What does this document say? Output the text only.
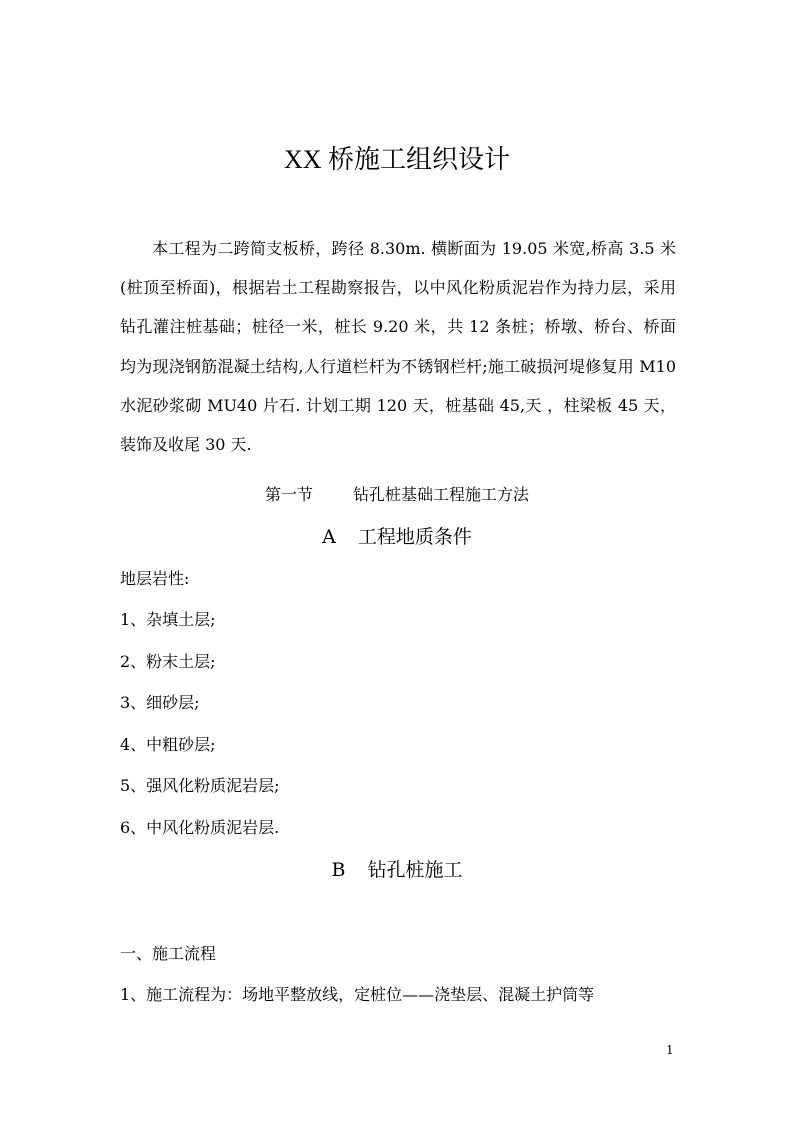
XX 桥施工组织设计

本工程为二跨简支板桥，跨径 8.30m. 横断面为 19.05 米宽,桥高 3.5 米(桩顶至桥面)，根据岩土工程勘察报告，以中风化粉质泥岩作为持力层，采用钻孔灌注桩基础；桩径一米，桩长 9.20 米，共 12 条桩；桥墩、桥台、桥面均为现浇钢筋混凝土结构,人行道栏杆为不锈钢栏杆;施工破损河堤修复用 M10 水泥砂浆砌 MU40 片石. 计划工期 120 天，桩基础 45,天 ，柱梁板 45 天，装饰及收尾 30 天.

第一节	钻孔桩基础工程施工方法
A 工程地质条件
地层岩性:
1、杂填土层;
2、粉末土层;
3、细砂层;
4、中粗砂层;
5、强风化粉质泥岩层;
6、中风化粉质泥岩层.
B 钻孔桩施工
一、施工流程
1、施工流程为：场地平整放线，定桩位——浇垫层、混凝土护筒等
1
